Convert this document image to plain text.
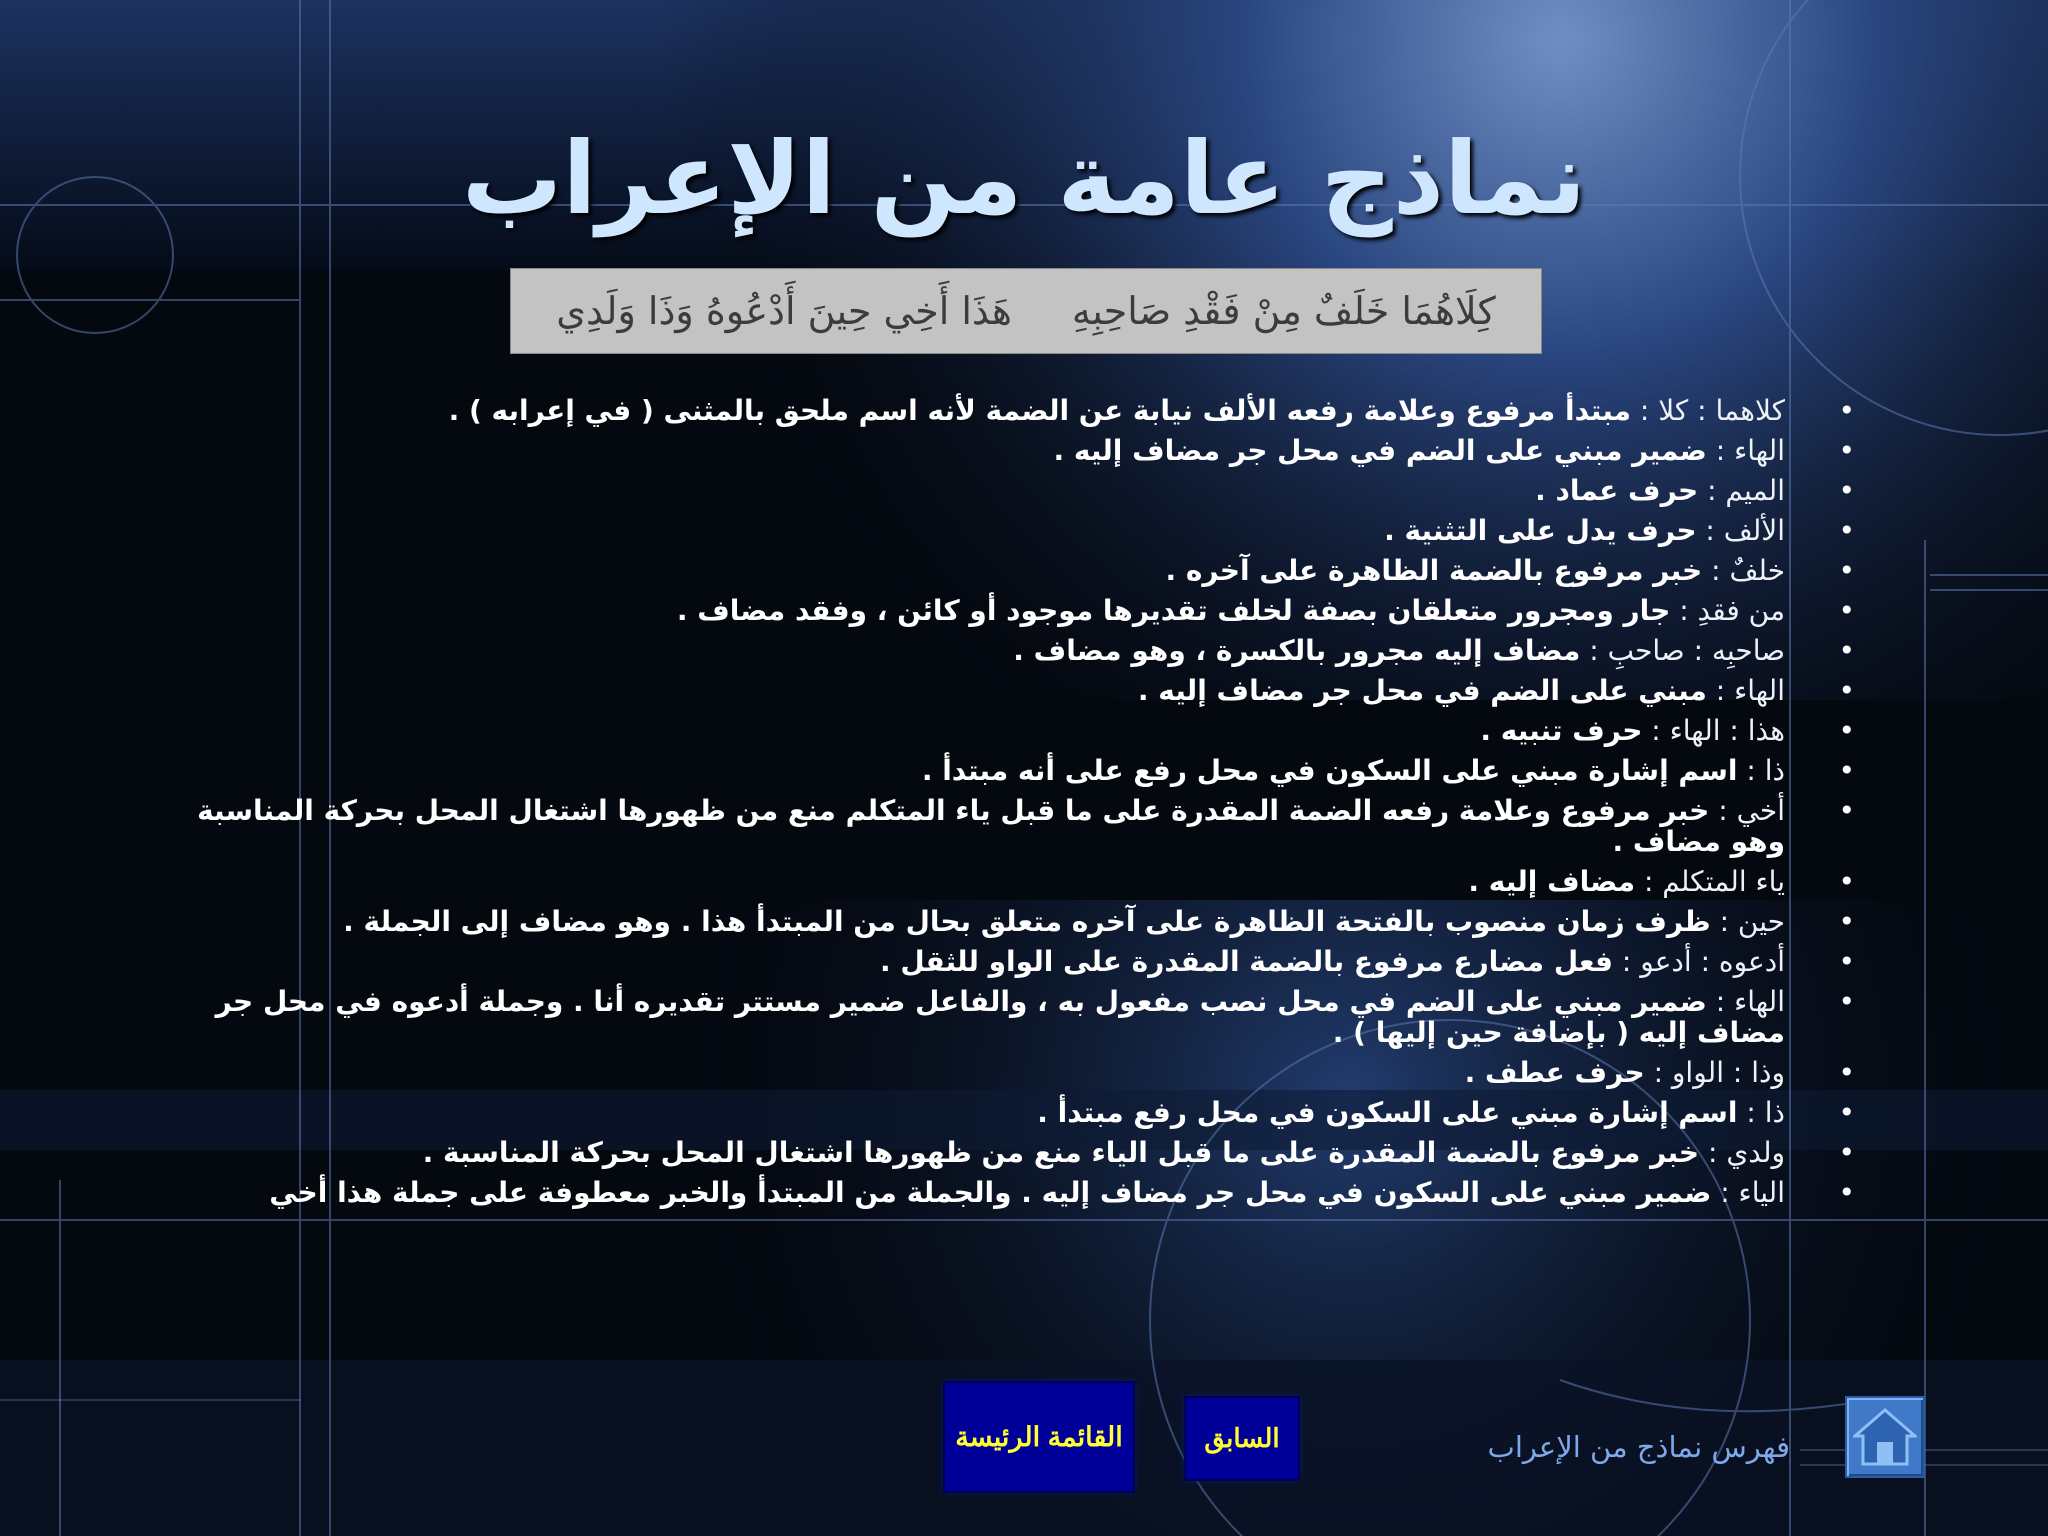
نماذج عامة من الإعراب
كِلَاهُمَا خَلَفٌ مِنْ فَقْدِ صَاحِبِهِ
هَذَا أَخِي حِينَ أَدْعُوهُ وَذَا وَلَدِي
• كلاهما : كلا : مبتدأ مرفوع وعلامة رفعه الألف نيابة عن الضمة لأنه اسم ملحق بالمثنى ( في إعرابه ) .
• الهاء : ضمير مبني على الضم في محل جر مضاف إليه .
• الميم : حرف عماد .
• الألف : حرف يدل على التثنية .
• خلفٌ : خبر مرفوع بالضمة الظاهرة على آخره .
• من فقدِ : جار ومجرور متعلقان بصفة لخلف تقديرها موجود أو كائن ، وفقد مضاف .
• صاحبِه : صاحبِ : مضاف إليه مجرور بالكسرة ، وهو مضاف .
• الهاء : مبني على الضم في محل جر مضاف إليه .
• هذا : الهاء : حرف تنبيه .
• ذا : اسم إشارة مبني على السكون في محل رفع على أنه مبتدأ .
• أخي : خبر مرفوع وعلامة رفعه الضمة المقدرة على ما قبل ياء المتكلم منع من ظهورها اشتغال المحل بحركة المناسبة وهو مضاف .
• ياء المتكلم : مضاف إليه .
• حين : ظرف زمان منصوب بالفتحة الظاهرة على آخره متعلق بحال من المبتدأ هذا . وهو مضاف إلى الجملة .
• أدعوه : أدعو : فعل مضارع مرفوع بالضمة المقدرة على الواو للثقل .
• الهاء : ضمير مبني على الضم في محل نصب مفعول به ، والفاعل ضمير مستتر تقديره أنا . وجملة أدعوه في محل جر مضاف إليه ( بإضافة حين إليها ) .
• وذا : الواو : حرف عطف .
• ذا : اسم إشارة مبني على السكون في محل رفع مبتدأ .
• ولدي : خبر مرفوع بالضمة المقدرة على ما قبل الياء منع من ظهورها اشتغال المحل بحركة المناسبة .
• الياء : ضمير مبني على السكون في محل جر مضاف إليه . والجملة من المبتدأ والخبر معطوفة على جملة هذا أخي
القائمة الرئيسة	السابق	فهرس نماذج من الإعراب
